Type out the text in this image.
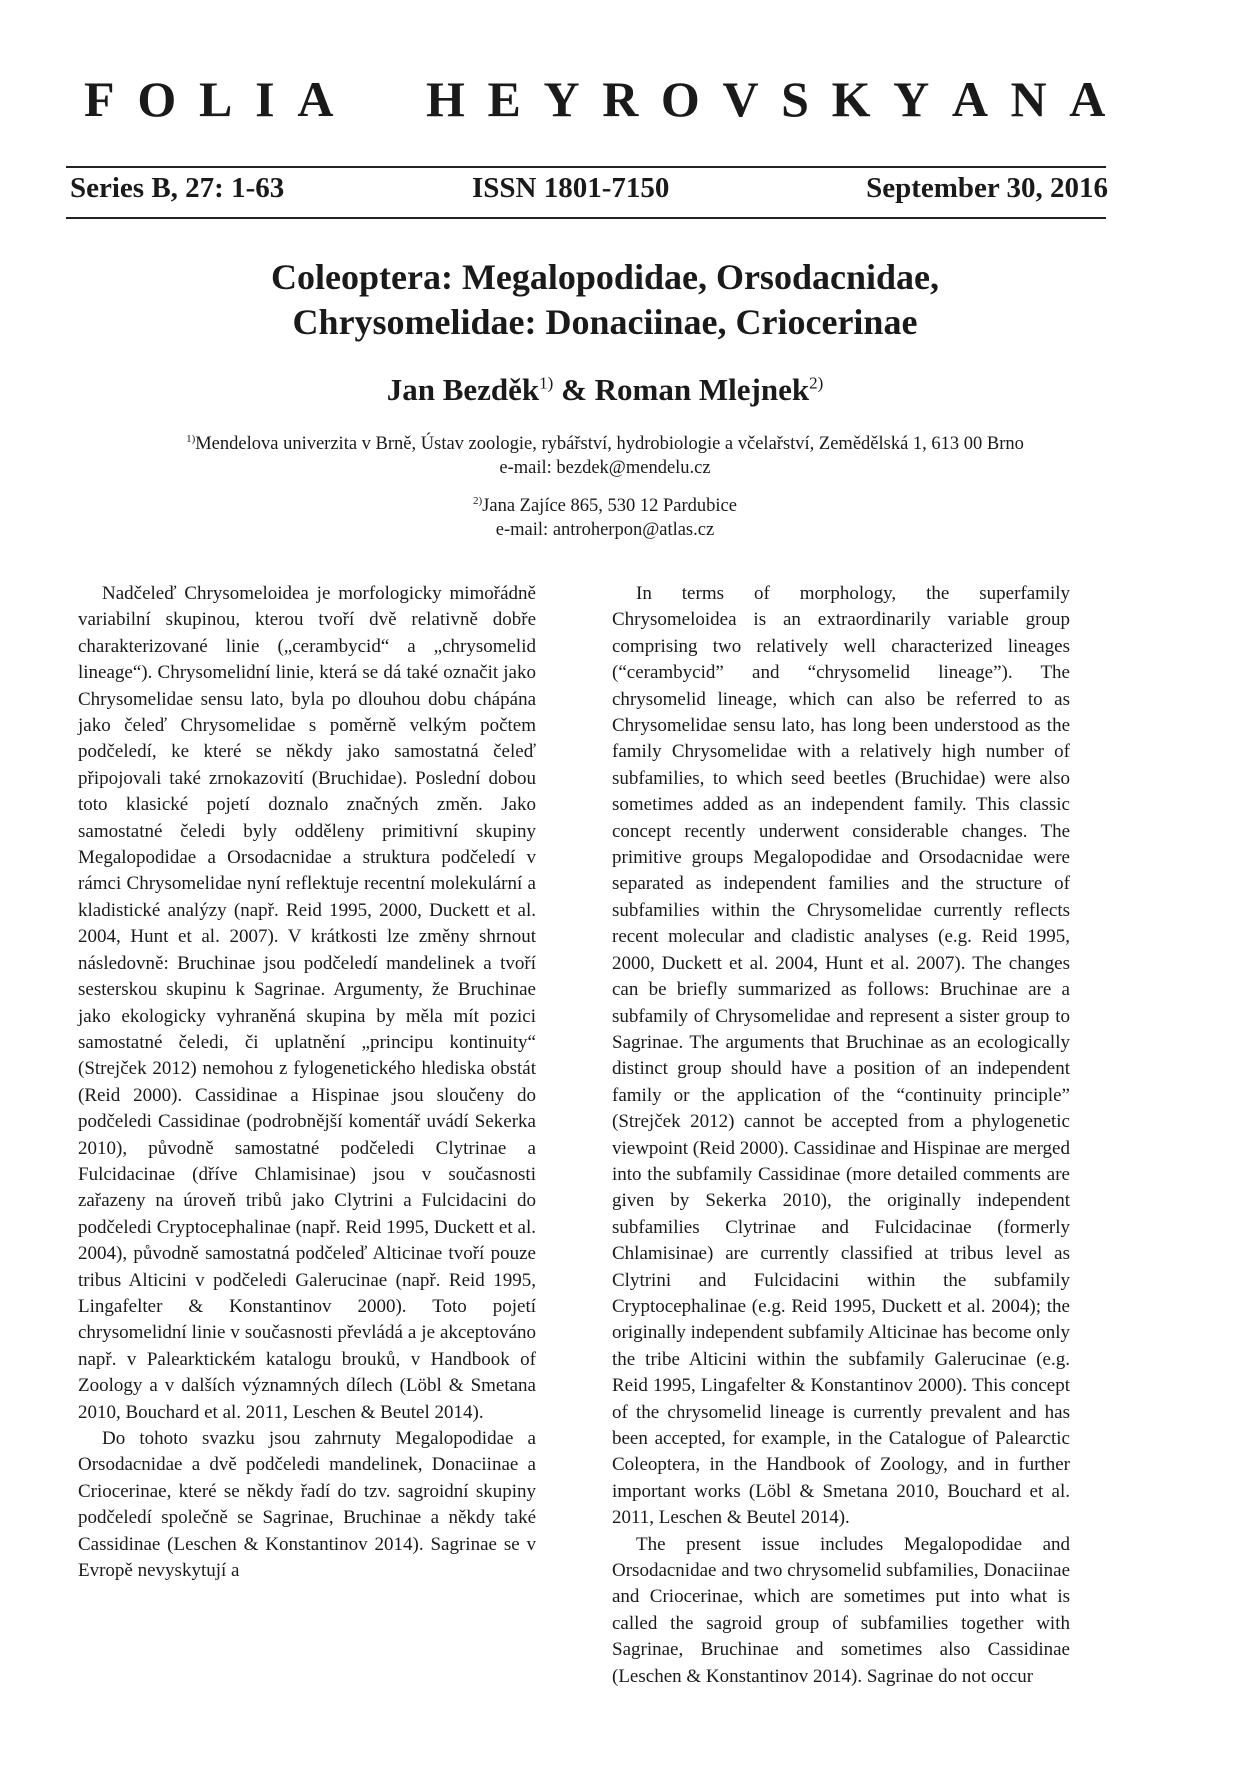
F O L I A H E Y R O V S K Y A N A
Series B, 27: 1-63	ISSN 1801-7150	September 30, 2016
Coleoptera: Megalopodidae, Orsodacnidae,
Chrysomelidae: Donaciinae, Criocerinae
Jan Bezděk$^{1)}$ & Roman Mlejnek$^{2)}$
$^{1)}$Mendelova univerzita v Brně, Ústav zoologie, rybářství, hydrobiologie a včelařství, Zemědělská 1, 613 00 Brno
e-mail: bezdek@mendelu.cz
$^{2)}$Jana Zajíce 865, 530 12 Pardubice
e-mail: antroherpon@atlas.cz

Nadčeleď Chrysomeloidea je morfologicky mimořádně variabilní skupinou, kterou tvoří dvě relativně dobře charakterizované linie („cerambycid“ a „chrysomelid lineage“). Chrysomelidní linie, která se dá také označit jako Chrysomelidae sensu lato, byla po dlouhou dobu chápána jako čeleď Chrysomelidae s poměrně velkým počtem podčeledí, ke které se někdy jako samostatná čeleď připojovali také zrnokazovití (Bruchidae). Poslední dobou toto klasické pojetí doznalo značných změn. Jako samostatné čeledi byly odděleny primitivní skupiny Megalopodidae a Orsodacnidae a struktura podčeledí v rámci Chrysomelidae nyní reflektuje recentní molekulární a kladistické analýzy (např. Reid 1995, 2000, Duckett et al. 2004, Hunt et al. 2007). V krátkosti lze změny shrnout následovně: Bruchinae jsou podčeledí mandelinek a tvoří sesterskou skupinu k Sagrinae. Argumenty, že Bruchinae jako ekologicky vyhraněná skupina by měla mít pozici samostatné čeledi, či uplatnění „principu kontinuity“ (Strejček 2012) nemohou z fylogenetického hlediska obstát (Reid 2000). Cassidinae a Hispinae jsou sloučeny do podčeledi Cassidinae (podrobnější komentář uvádí Sekerka 2010), původně samostatné podčeledi Clytrinae a Fulcidacinae (dříve Chlamisinae) jsou v současnosti zařazeny na úroveň tribů jako Clytrini a Fulcidacini do podčeledi Cryptocephalinae (např. Reid 1995, Duckett et al. 2004), původně samostatná podčeleď Alticinae tvoří pouze tribus Alticini v podčeledi Galerucinae (např. Reid 1995, Lingafelter & Konstantinov 2000). Toto pojetí chrysomelidní linie v současnosti převládá a je akceptováno např. v Palearktickém katalogu brouků, v Handbook of Zoology a v dalších významných dílech (Löbl & Smetana 2010, Bouchard et al. 2011, Leschen & Beutel 2014).

Do tohoto svazku jsou zahrnuty Megalopodidae a Orsodacnidae a dvě podčeledi mandelinek, Donaciinae a Criocerinae, které se někdy řadí do tzv. sagroidní skupiny podčeledí společně se Sagrinae, Bruchinae a někdy také Cassidinae (Leschen & Konstantinov 2014). Sagrinae se v Evropě nevyskytují a

In terms of morphology, the superfamily Chrysomeloidea is an extraordinarily variable group comprising two relatively well characterized lineages (“cerambycid” and “chrysomelid lineage”). The chrysomelid lineage, which can also be referred to as Chrysomelidae sensu lato, has long been understood as the family Chrysomelidae with a relatively high number of subfamilies, to which seed beetles (Bruchidae) were also sometimes added as an independent family. This classic concept recently underwent considerable changes. The primitive groups Megalopodidae and Orsodacnidae were separated as independent families and the structure of subfamilies within the Chrysomelidae currently reflects recent molecular and cladistic analyses (e.g. Reid 1995, 2000, Duckett et al. 2004, Hunt et al. 2007). The changes can be briefly summarized as follows: Bruchinae are a subfamily of Chrysomelidae and represent a sister group to Sagrinae. The arguments that Bruchinae as an ecologically distinct group should have a position of an independent family or the application of the “continuity principle” (Strejček 2012) cannot be accepted from a phylogenetic viewpoint (Reid 2000). Cassidinae and Hispinae are merged into the subfamily Cassidinae (more detailed comments are given by Sekerka 2010), the originally independent subfamilies Clytrinae and Fulcidacinae (formerly Chlamisinae) are currently classified at tribus level as Clytrini and Fulcidacini within the subfamily Cryptocephalinae (e.g. Reid 1995, Duckett et al. 2004); the originally independent subfamily Alticinae has become only the tribe Alticini within the subfamily Galerucinae (e.g. Reid 1995, Lingafelter & Konstantinov 2000). This concept of the chrysomelid lineage is currently prevalent and has been accepted, for example, in the Catalogue of Palearctic Coleoptera, in the Handbook of Zoology, and in further important works (Löbl & Smetana 2010, Bouchard et al. 2011, Leschen & Beutel 2014).

The present issue includes Megalopodidae and Orsodacnidae and two chrysomelid subfamilies, Donaciinae and Criocerinae, which are sometimes put into what is called the sagroid group of subfamilies together with Sagrinae, Bruchinae and sometimes also Cassidinae (Leschen & Konstantinov 2014). Sagrinae do not occur
